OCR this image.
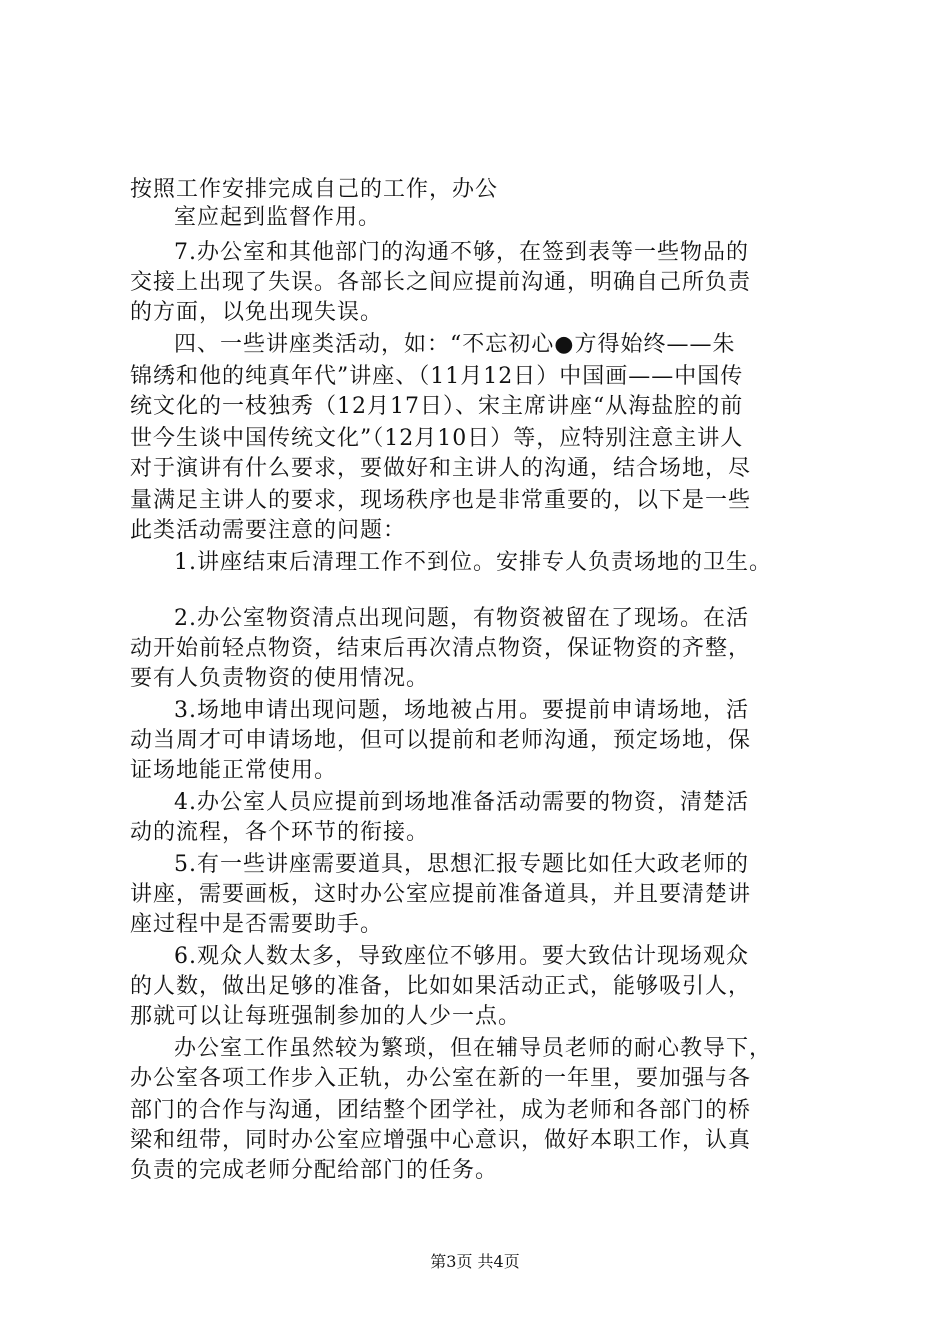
按照工作安排完成自己的工作，办公
室应起到监督作用。
7.办公室和其他部门的沟通不够，在签到表等一些物品的
交接上出现了失误。各部长之间应提前沟通，明确自己所负责
的方面，以免出现失误。
四、一些讲座类活动，如：“不忘初心●方得始终——朱
锦绣和他的纯真年代”讲座、（11月12日）中国画——中国传
统文化的一枝独秀（12月17日）、宋主席讲座“从海盐腔的前
世今生谈中国传统文化”（12月10日）等，应特别注意主讲人
对于演讲有什么要求，要做好和主讲人的沟通，结合场地，尽
量满足主讲人的要求，现场秩序也是非常重要的，以下是一些
此类活动需要注意的问题：
1.讲座结束后清理工作不到位。安排专人负责场地的卫生。
2.办公室物资清点出现问题，有物资被留在了现场。在活
动开始前轻点物资，结束后再次清点物资，保证物资的齐整，
要有人负责物资的使用情况。
3.场地申请出现问题，场地被占用。要提前申请场地，活
动当周才可申请场地，但可以提前和老师沟通，预定场地，保
证场地能正常使用。
4.办公室人员应提前到场地准备活动需要的物资，清楚活
动的流程，各个环节的衔接。
5.有一些讲座需要道具，思想汇报专题比如任大政老师的
讲座，需要画板，这时办公室应提前准备道具，并且要清楚讲
座过程中是否需要助手。
6.观众人数太多，导致座位不够用。要大致估计现场观众
的人数，做出足够的准备，比如如果活动正式，能够吸引人，
那就可以让每班强制参加的人少一点。
办公室工作虽然较为繁琐，但在辅导员老师的耐心教导下，
办公室各项工作步入正轨，办公室在新的一年里，要加强与各
部门的合作与沟通，团结整个团学社，成为老师和各部门的桥
梁和纽带，同时办公室应增强中心意识，做好本职工作，认真
负责的完成老师分配给部门的任务。
第3页 共4页
